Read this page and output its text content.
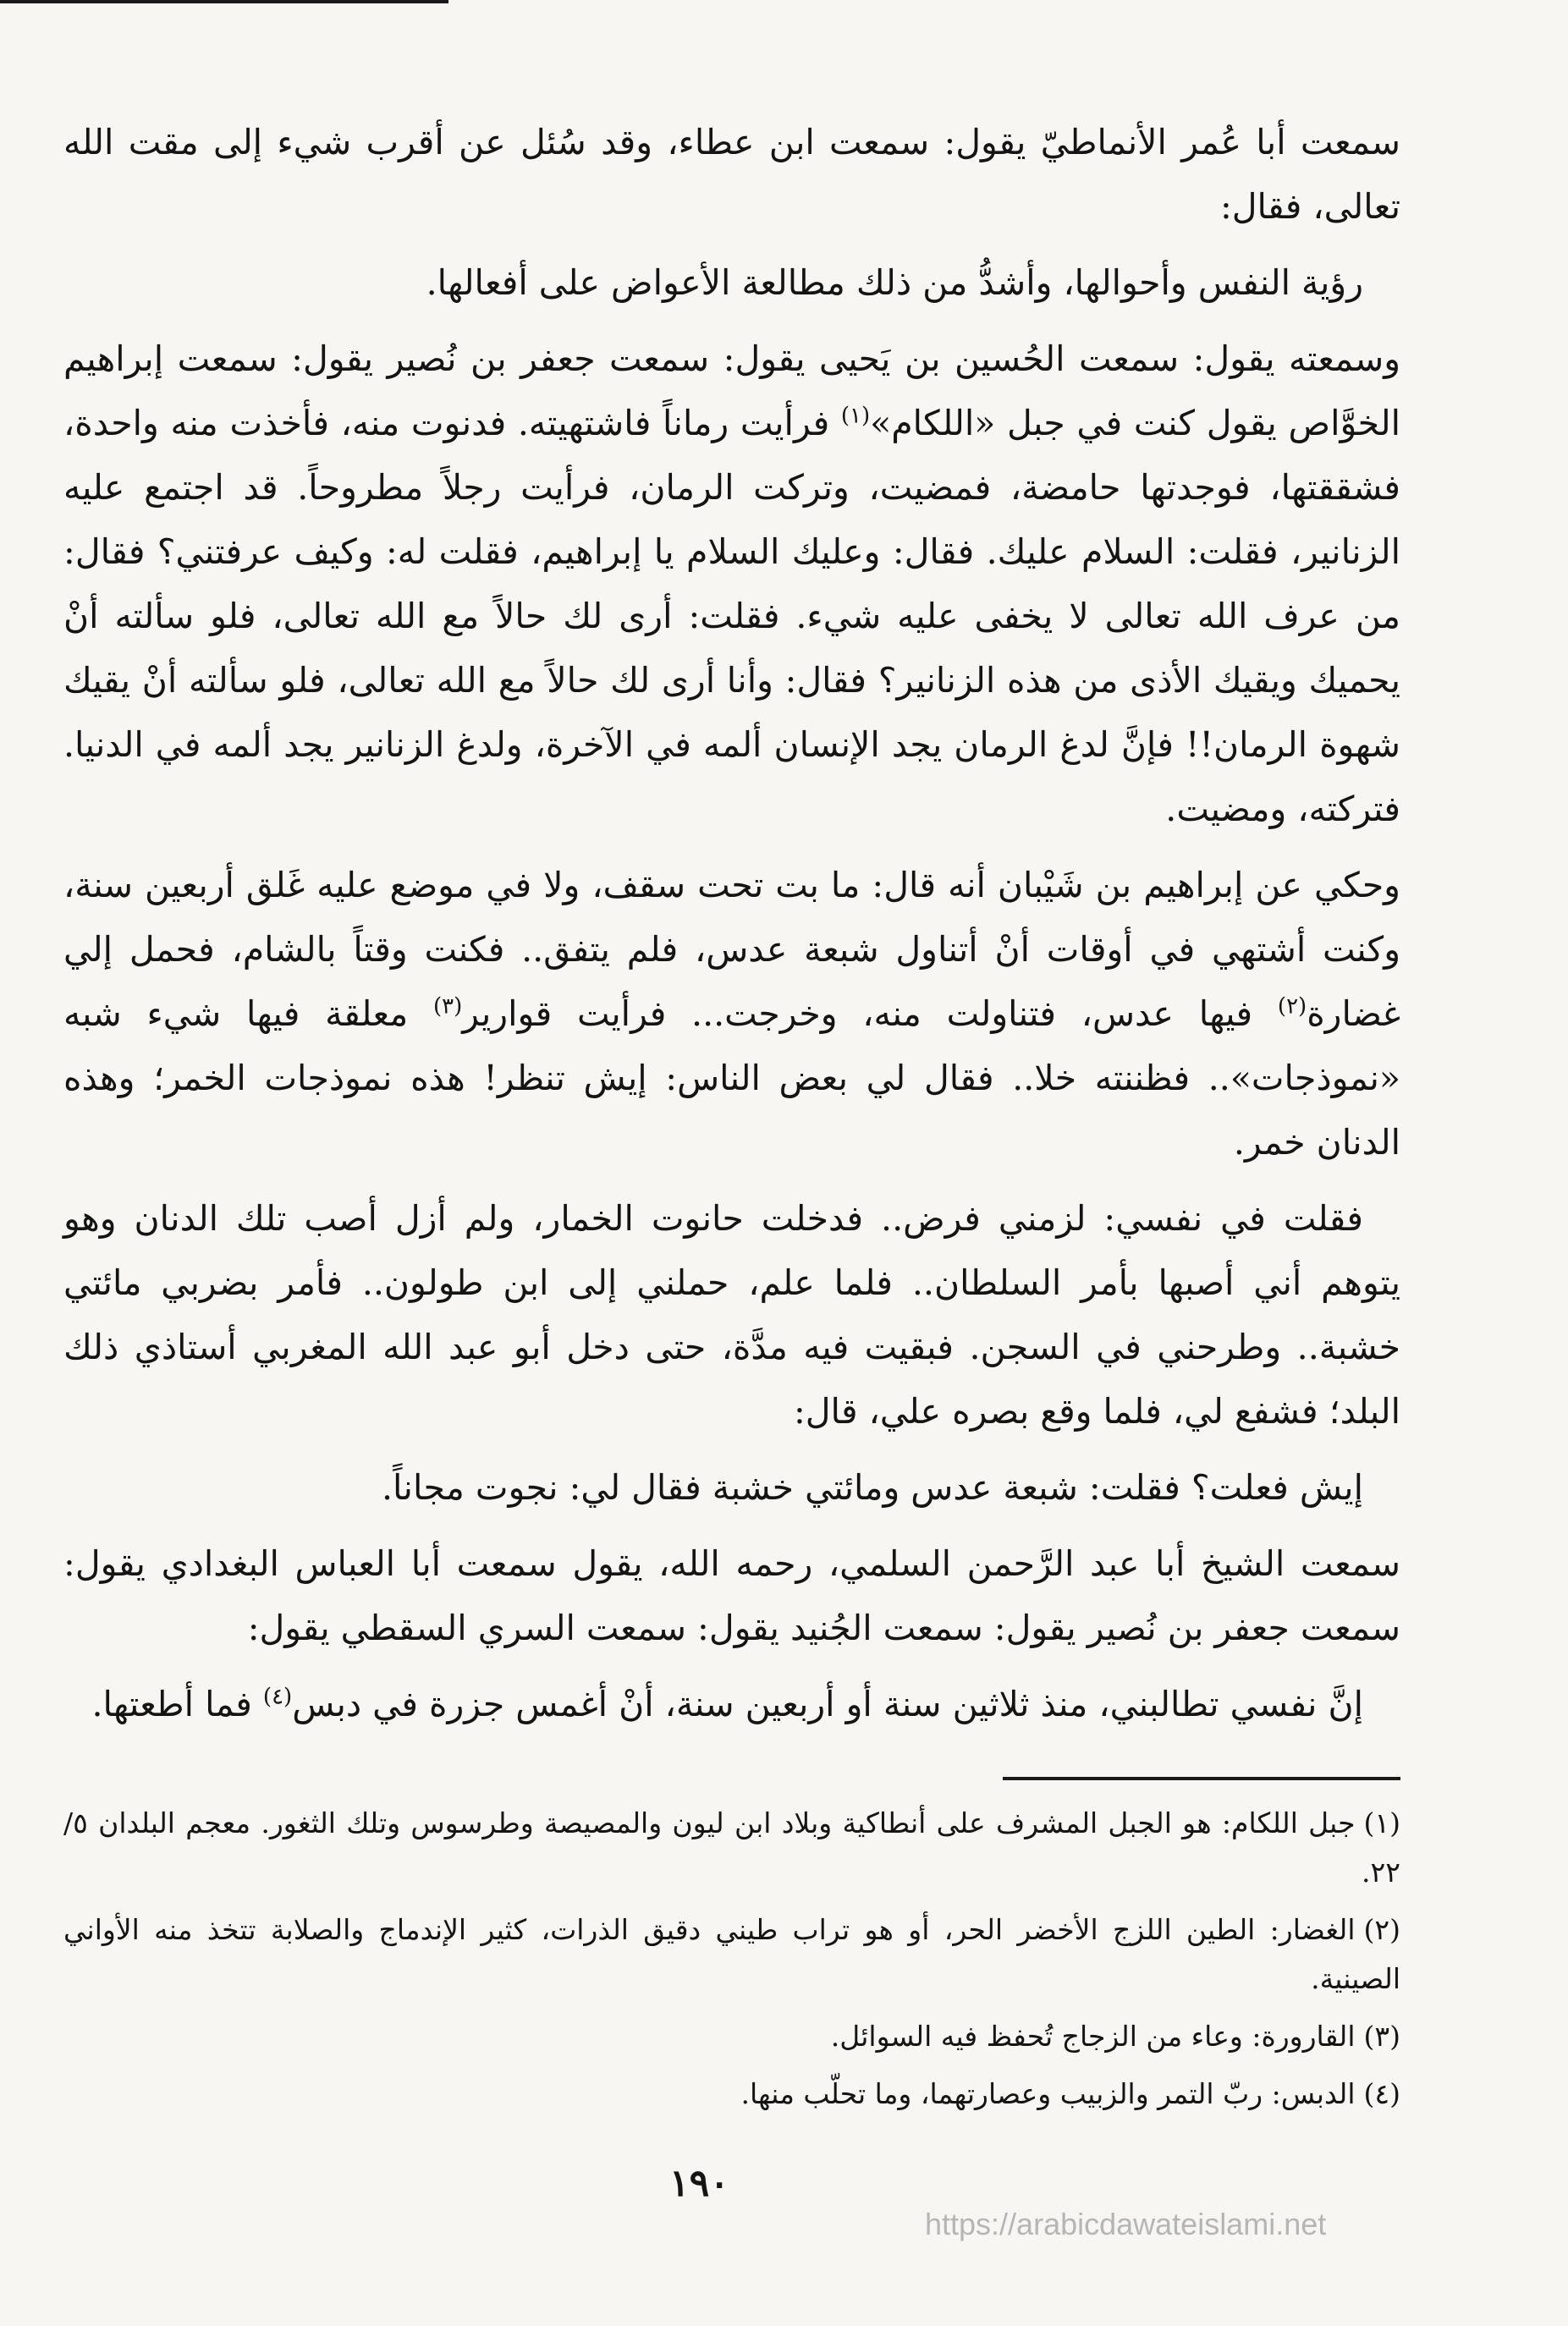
سمعت أبا عُمر الأنماطيّ يقول: سمعت ابن عطاء، وقد سُئل عن أقرب شيء إلى مقت الله تعالى، فقال:

رؤية النفس وأحوالها، وأشدُّ من ذلك مطالعة الأعواض على أفعالها.

وسمعته يقول: سمعت الحُسين بن يَحيى يقول: سمعت جعفر بن نُصير يقول: سمعت إبراهيم الخوَّاص يقول كنت في جبل «اللكام»$^{(١)}$ فرأيت رماناً فاشتهيته. فدنوت منه، فأخذت منه واحدة، فشققتها، فوجدتها حامضة، فمضيت، وتركت الرمان، فرأيت رجلاً مطروحاً. قد اجتمع عليه الزنانير، فقلت: السلام عليك. فقال: وعليك السلام يا إبراهيم، فقلت له: وكيف عرفتني؟ فقال: من عرف الله تعالى لا يخفى عليه شيء. فقلت: أرى لك حالاً مع الله تعالى، فلو سألته أنْ يحميك ويقيك الأذى من هذه الزنانير؟ فقال: وأنا أرى لك حالاً مع الله تعالى، فلو سألته أنْ يقيك شهوة الرمان!! فإنَّ لدغ الرمان يجد الإنسان ألمه في الآخرة، ولدغ الزنانير يجد ألمه في الدنيا. فتركته، ومضيت.

وحكي عن إبراهيم بن شَيْبان أنه قال: ما بت تحت سقف، ولا في موضع عليه غَلق أربعين سنة، وكنت أشتهي في أوقات أنْ أتناول شبعة عدس، فلم يتفق.. فكنت وقتاً بالشام، فحمل إلي غضارة$^{(٢)}$ فيها عدس، فتناولت منه، وخرجت... فرأيت قوارير$^{(٣)}$ معلقة فيها شيء شبه «نموذجات».. فظننته خلا.. فقال لي بعض الناس: إيش تنظر! هذه نموذجات الخمر؛ وهذه الدنان خمر.

فقلت في نفسي: لزمني فرض.. فدخلت حانوت الخمار، ولم أزل أصب تلك الدنان وهو يتوهم أني أصبها بأمر السلطان.. فلما علم، حملني إلى ابن طولون.. فأمر بضربي مائتي خشبة.. وطرحني في السجن. فبقيت فيه مدَّة، حتى دخل أبو عبد الله المغربي أستاذي ذلك البلد؛ فشفع لي، فلما وقع بصره علي، قال:

إيش فعلت؟ فقلت: شبعة عدس ومائتي خشبة فقال لي: نجوت مجاناً.

سمعت الشيخ أبا عبد الرَّحمن السلمي، رحمه الله، يقول سمعت أبا العباس البغدادي يقول: سمعت جعفر بن نُصير يقول: سمعت الجُنيد يقول: سمعت السري السقطي يقول:

إنَّ نفسي تطالبني، منذ ثلاثين سنة أو أربعين سنة، أنْ أغمس جزرة في دبس$^{(٤)}$ فما أطعتها.

(١)جبل اللكام: هو الجبل المشرف على أنطاكية وبلاد ابن ليون والمصيصة وطرسوس وتلك الثغور. معجم البلدان ٥/ ٢٢.

(٢)الغضار: الطين اللزج الأخضر الحر، أو هو تراب طيني دقيق الذرات، كثير الإندماج والصلابة تتخذ منه الأواني الصينية.

(٣)القارورة: وعاء من الزجاج تُحفظ فيه السوائل.

(٤)الدبس: ربّ التمر والزبيب وعصارتهما، وما تحلّب منها.

١٩٠
https://arabicdawateislami.net
